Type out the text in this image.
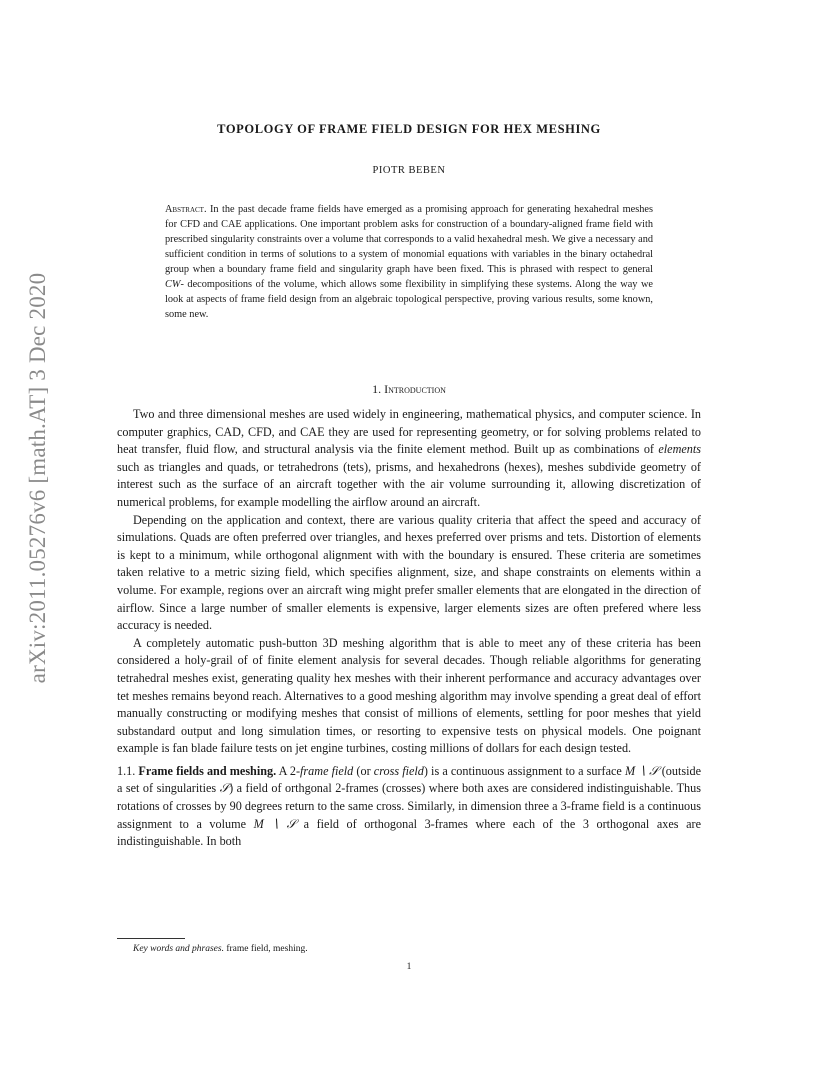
arXiv:2011.05276v6 [math.AT] 3 Dec 2020
TOPOLOGY OF FRAME FIELD DESIGN FOR HEX MESHING
PIOTR BEBEN
Abstract. In the past decade frame fields have emerged as a promising approach for generating hexahedral meshes for CFD and CAE applications. One important problem asks for construction of a boundary-aligned frame field with prescribed singularity constraints over a volume that corresponds to a valid hexahedral mesh. We give a necessary and sufficient condition in terms of solutions to a system of monomial equations with variables in the binary octahedral group when a boundary frame field and singularity graph have been fixed. This is phrased with respect to general CW- decompositions of the volume, which allows some flexibility in simplifying these systems. Along the way we look at aspects of frame field design from an algebraic topological perspective, proving various results, some known, some new.
1. Introduction

Two and three dimensional meshes are used widely in engineering, mathematical physics, and computer science. In computer graphics, CAD, CFD, and CAE they are used for representing geometry, or for solving problems related to heat transfer, fluid flow, and structural analysis via the finite element method. Built up as combinations of elements such as triangles and quads, or tetrahedrons (tets), prisms, and hexahedrons (hexes), meshes subdivide geometry of interest such as the surface of an aircraft together with the air volume surrounding it, allowing discretization of numerical problems, for example modelling the airflow around an aircraft.

Depending on the application and context, there are various quality criteria that affect the speed and accuracy of simulations. Quads are often preferred over triangles, and hexes preferred over prisms and tets. Distortion of elements is kept to a minimum, while orthogonal alignment with with the boundary is ensured. These criteria are sometimes taken relative to a metric sizing field, which specifies alignment, size, and shape constraints on elements within a volume. For example, regions over an aircraft wing might prefer smaller elements that are elongated in the direction of airflow. Since a large number of smaller elements is expensive, larger elements sizes are often prefered where less accuracy is needed.

A completely automatic push-button 3D meshing algorithm that is able to meet any of these criteria has been considered a holy-grail of of finite element analysis for several decades. Though reliable algorithms for generating tetrahedral meshes exist, generating quality hex meshes with their inherent performance and accuracy advantages over tet meshes remains beyond reach. Alternatives to a good meshing algorithm may involve spending a great deal of effort manually constructing or modifying meshes that consist of millions of elements, settling for poor meshes that yield substandard output and long simulation times, or resorting to expensive tests on physical models. One poignant example is fan blade failure tests on jet engine turbines, costing millions of dollars for each design tested.

1.1. Frame fields and meshing. A 2-frame field (or cross field) is a continuous assignment to a surface M ∖ 𝒮 (outside a set of singularities 𝒮) a field of orthgonal 2-frames (crosses) where both axes are considered indistinguishable. Thus rotations of crosses by 90 degrees return to the same cross. Similarly, in dimension three a 3-frame field is a continuous assignment to a volume M ∖ 𝒮 a field of orthogonal 3-frames where each of the 3 orthogonal axes are indistinguishable. In both

Key words and phrases. frame field, meshing.
1
